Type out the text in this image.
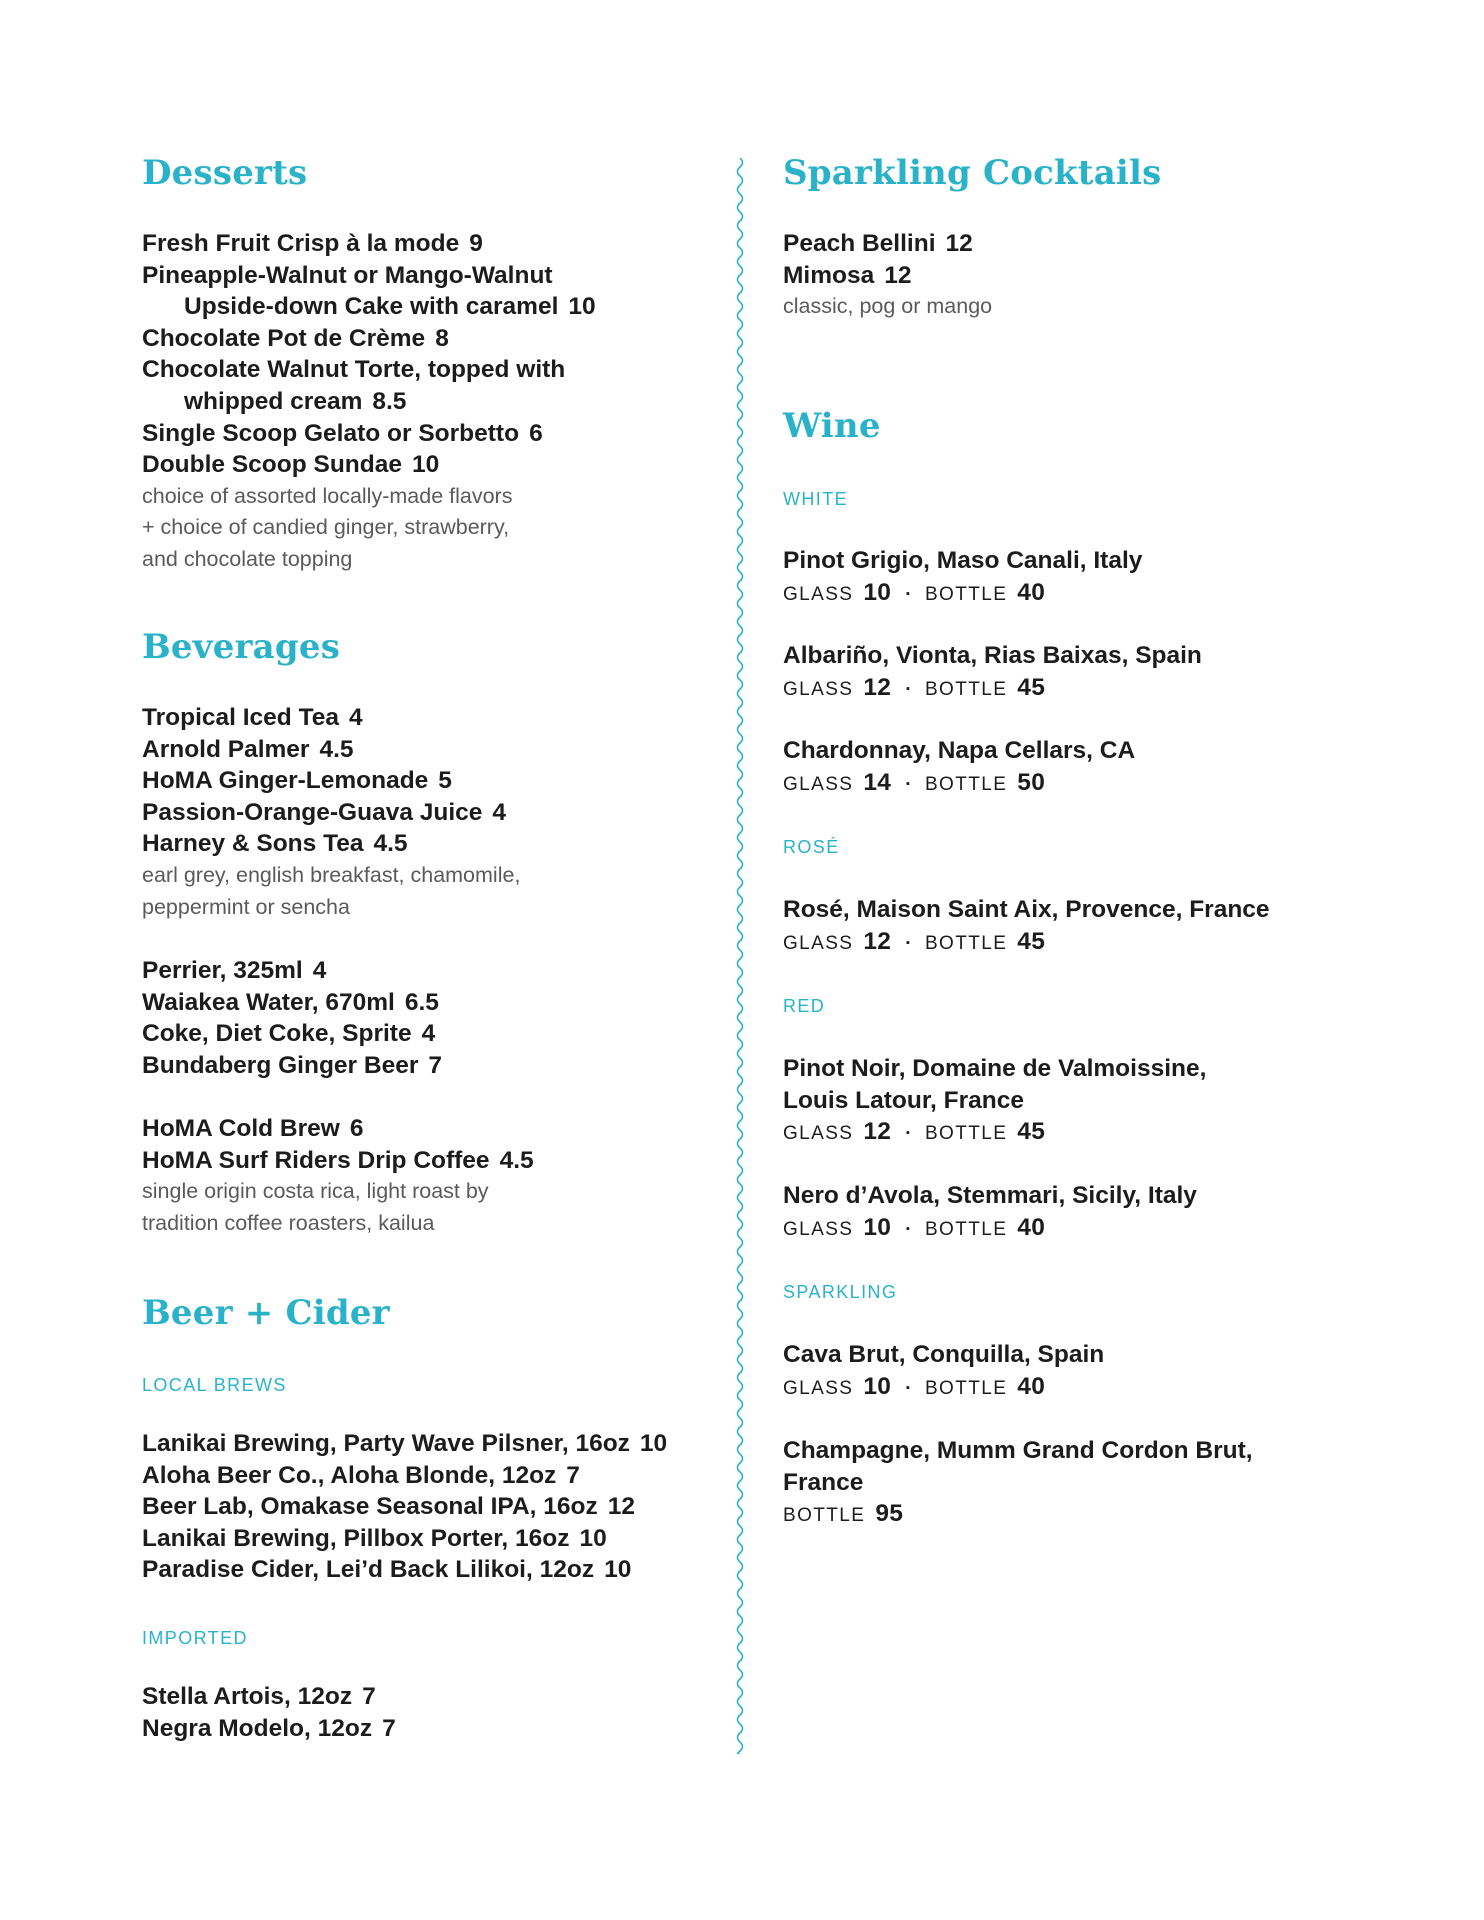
Desserts
Fresh Fruit Crisp à la mode 9
Pineapple-Walnut or Mango-Walnut
Upside-down Cake with caramel 10
Chocolate Pot de Crème 8
Chocolate Walnut Torte, topped with
whipped cream 8.5
Single Scoop Gelato or Sorbetto 6
Double Scoop Sundae 10
choice of assorted locally-made flavors
+ choice of candied ginger, strawberry,
and chocolate topping
Beverages
Tropical Iced Tea 4
Arnold Palmer 4.5
HoMA Ginger-Lemonade 5
Passion-Orange-Guava Juice 4
Harney & Sons Tea 4.5
earl grey, english breakfast, chamomile,
peppermint or sencha
Perrier, 325ml 4
Waiakea Water, 670ml 6.5
Coke, Diet Coke, Sprite 4
Bundaberg Ginger Beer 7
HoMA Cold Brew 6
HoMA Surf Riders Drip Coffee 4.5
single origin costa rica, light roast by
tradition coffee roasters, kailua
Beer + Cider
LOCAL BREWS
Lanikai Brewing, Party Wave Pilsner, 16oz 10
Aloha Beer Co., Aloha Blonde, 12oz 7
Beer Lab, Omakase Seasonal IPA, 16oz 12
Lanikai Brewing, Pillbox Porter, 16oz 10
Paradise Cider, Lei’d Back Lilikoi, 12oz 10
IMPORTED
Stella Artois, 12oz 7
Negra Modelo, 12oz 7
Sparkling Cocktails
Peach Bellini 12
Mimosa 12
classic, pog or mango
Wine
WHITE
Pinot Grigio, Maso Canali, Italy
GLASS 10 · BOTTLE 40
Albariño, Vionta, Rias Baixas, Spain
GLASS 12 · BOTTLE 45
Chardonnay, Napa Cellars, CA
GLASS 14 · BOTTLE 50
ROSÉ
Rosé, Maison Saint Aix, Provence, France
GLASS 12 · BOTTLE 45
RED
Pinot Noir, Domaine de Valmoissine,
Louis Latour, France
GLASS 12 · BOTTLE 45
Nero d’Avola, Stemmari, Sicily, Italy
GLASS 10 · BOTTLE 40
SPARKLING
Cava Brut, Conquilla, Spain
GLASS 10 · BOTTLE 40
Champagne, Mumm Grand Cordon Brut,
France
BOTTLE 95
